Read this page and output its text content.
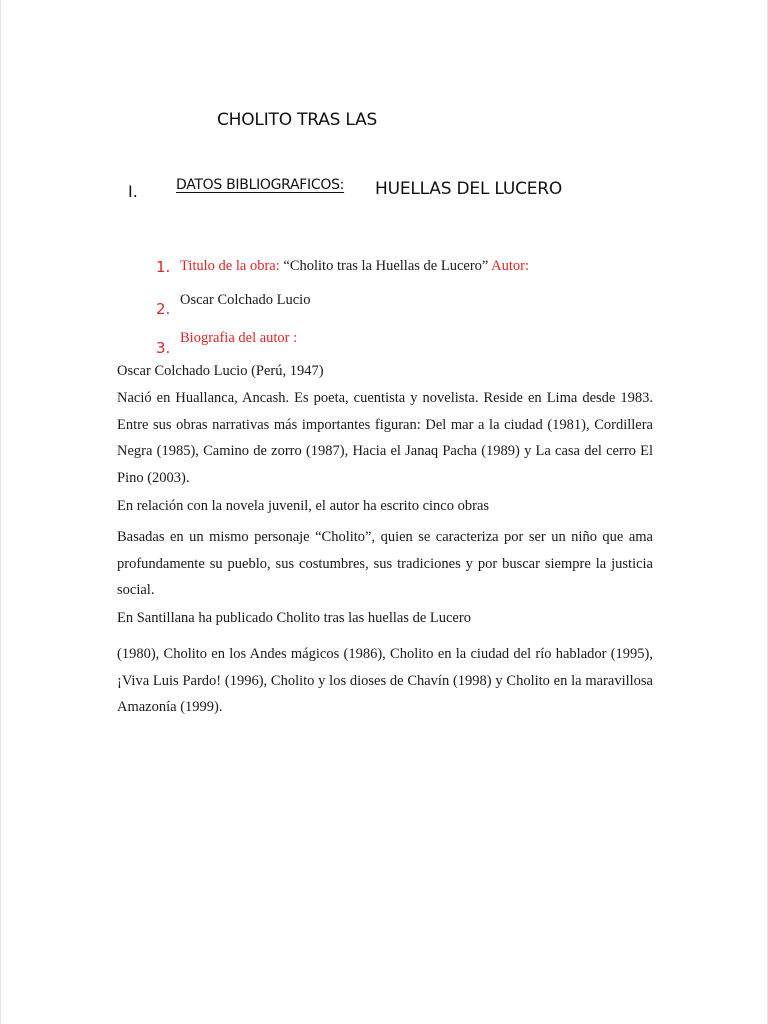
CHOLITO TRAS LAS
I.	DATOS BIBLIOGRAFICOS: HUELLAS DEL LUCERO
1.
2.
3.
Titulo de la obra: “Cholito tras la Huellas de Lucero” Autor:
Oscar Colchado Lucio
Biografia del autor :

Oscar Colchado Lucio (Perú, 1947)

Nació en Huallanca, Ancash. Es poeta, cuentista y novelista. Reside en Lima desde 1983. Entre sus obras narrativas más importantes figuran: Del mar a la ciudad (1981), Cordillera Negra (1985), Camino de zorro (1987), Hacia el Janaq Pacha (1989) y La casa del cerro El Pino (2003).

En relación con la novela juvenil, el autor ha escrito cinco obras

Basadas en un mismo personaje “Cholito”, quien se caracteriza por ser un niño que ama profundamente su pueblo, sus costumbres, sus tradiciones y por buscar siempre la justicia social.

En Santillana ha publicado Cholito tras las huellas de Lucero

(1980), Cholito en los Andes mágicos (1986), Cholito en la ciudad del río hablador (1995), ¡Viva Luis Pardo! (1996), Cholito y los dioses de Chavín (1998) y Cholito en la maravillosa Amazonía (1999).
